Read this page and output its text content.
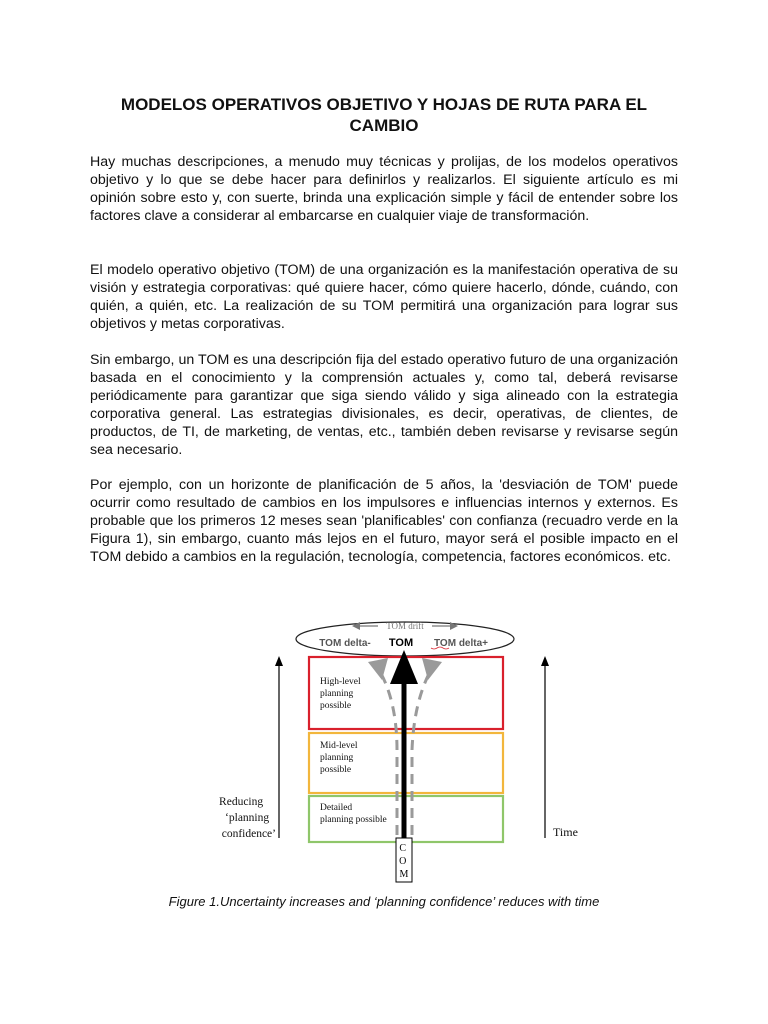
MODELOS OPERATIVOS OBJETIVO Y HOJAS DE RUTA PARA EL
CAMBIO
Hay muchas descripciones, a menudo muy técnicas y prolijas, de los modelos operativos objetivo y lo que se debe hacer para definirlos y realizarlos. El siguiente artículo es mi opinión sobre esto y, con suerte, brinda una explicación simple y fácil de entender sobre los factores clave a considerar al embarcarse en cualquier viaje de transformación.
El modelo operativo objetivo (TOM) de una organización es la manifestación operativa de su visión y estrategia corporativas: qué quiere hacer, cómo quiere hacerlo, dónde, cuándo, con quién, a quién, etc. La realización de su TOM permitirá una organización para lograr sus objetivos y metas corporativas.
Sin embargo, un TOM es una descripción fija del estado operativo futuro de una organización basada en el conocimiento y la comprensión actuales y, como tal, deberá revisarse periódicamente para garantizar que siga siendo válido y siga alineado con la estrategia corporativa general. Las estrategias divisionales, es decir, operativas, de clientes, de productos, de TI, de marketing, de ventas, etc., también deben revisarse y revisarse según sea necesario.
Por ejemplo, con un horizonte de planificación de 5 años, la 'desviación de TOM' puede ocurrir como resultado de cambios en los impulsores e influencias internos y externos. Es probable que los primeros 12 meses sean 'planificables' con confianza (recuadro verde en la Figura 1), sin embargo, cuanto más lejos en el futuro, mayor será el posible impacto en el TOM debido a cambios en la regulación, tecnología, competencia, factores económicos. etc.
TOM drift
TOM delta- TOM TOM delta+
High-level planning possible
Mid-level planning possible
Detailed planning possible
C O M
Reducing ‘planning confidence’	Time
Figure 1.Uncertainty increases and ‘planning confidence’ reduces with time
